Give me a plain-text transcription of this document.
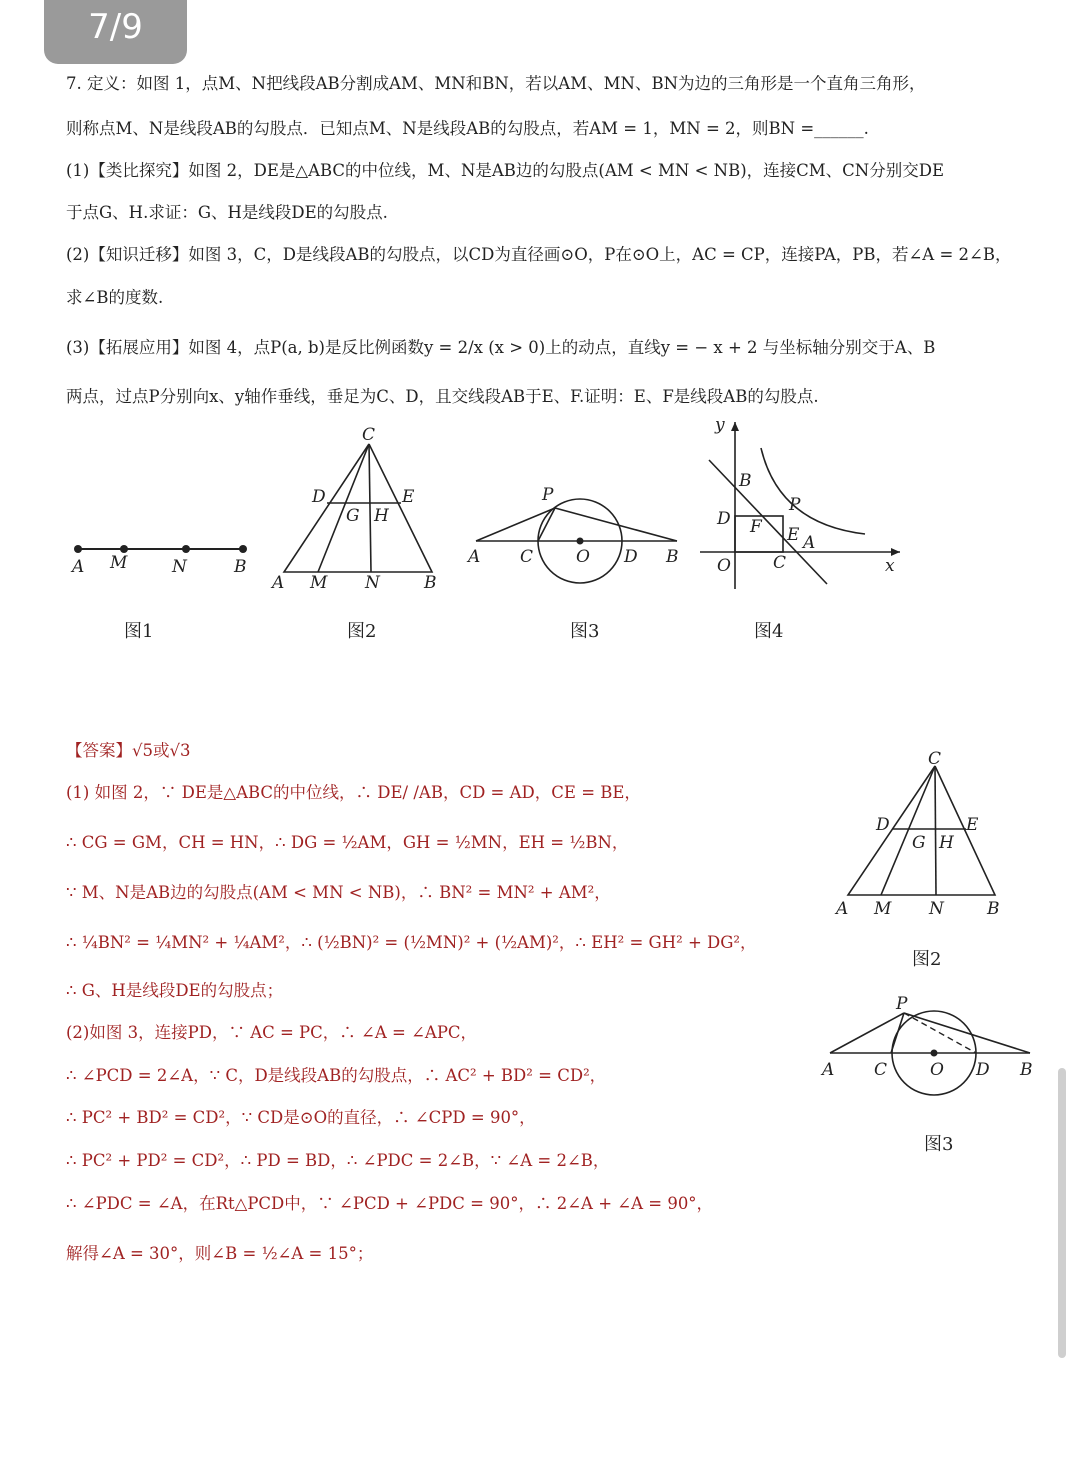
7/9
7. 定义：如图 1，点M、N把线段AB分割成AM、MN和BN，若以AM、MN、BN为边的三角形是一个直角三角形，
则称点M、N是线段AB的勾股点．已知点M、N是线段AB的勾股点，若AM = 1，MN = 2，则BN =______.
(1)【类比探究】如图 2，DE是△ABC的中位线，M、N是AB边的勾股点(AM < MN < NB)，连接CM、CN分别交DE
于点G、H.求证：G、H是线段DE的勾股点.
(2)【知识迁移】如图 3，C，D是线段AB的勾股点，以CD为直径画⊙O，P在⊙O上，AC = CP，连接PA，PB，若∠A = 2∠B，
求∠B的度数.
(3)【拓展应用】如图 4，点P(a, b)是反比例函数y = 2/x (x > 0)上的动点，直线y = − x + 2 与坐标轴分别交于A、B
两点，过点P分别向x、y轴作垂线，垂足为C、D，且交线段AB于E、F.证明：E、F是线段AB的勾股点.
A M	N	B
图1
C
D	E
G H
A M N	B
图2
P
A C	O D B
图3
y
B
P
D F E A
O C	x
图4
【答案】√5或√3
(1) 如图 2，∵ DE是△ABC的中位线，∴ DE/ /AB，CD = AD，CE = BE，
∴ CG = GM，CH = HN，∴ DG = ½AM，GH = ½MN，EH = ½BN，
∵ M、N是AB边的勾股点(AM < MN < NB)，∴ BN² = MN² + AM²，
∴ ¼BN² = ¼MN² + ¼AM²，∴ (½BN)² = (½MN)² + (½AM)²，∴ EH² = GH² + DG²，
∴ G、H是线段DE的勾股点；
(2)如图 3，连接PD，∵ AC = PC，∴ ∠A = ∠APC，
∴ ∠PCD = 2∠A，∵ C，D是线段AB的勾股点，∴ AC² + BD² = CD²，
∴ PC² + BD² = CD²，∵ CD是⊙O的直径，∴ ∠CPD = 90°，
∴ PC² + PD² = CD²，∴ PD = BD，∴ ∠PDC = 2∠B，∵ ∠A = 2∠B，
∴ ∠PDC = ∠A，在Rt△PCD中，∵ ∠PCD + ∠PDC = 90°，∴ 2∠A + ∠A = 90°，
解得∠A = 30°，则∠B = ½∠A = 15°；
C
D	E
G H
A M N	B
图2
P
A C	O D B
图3
